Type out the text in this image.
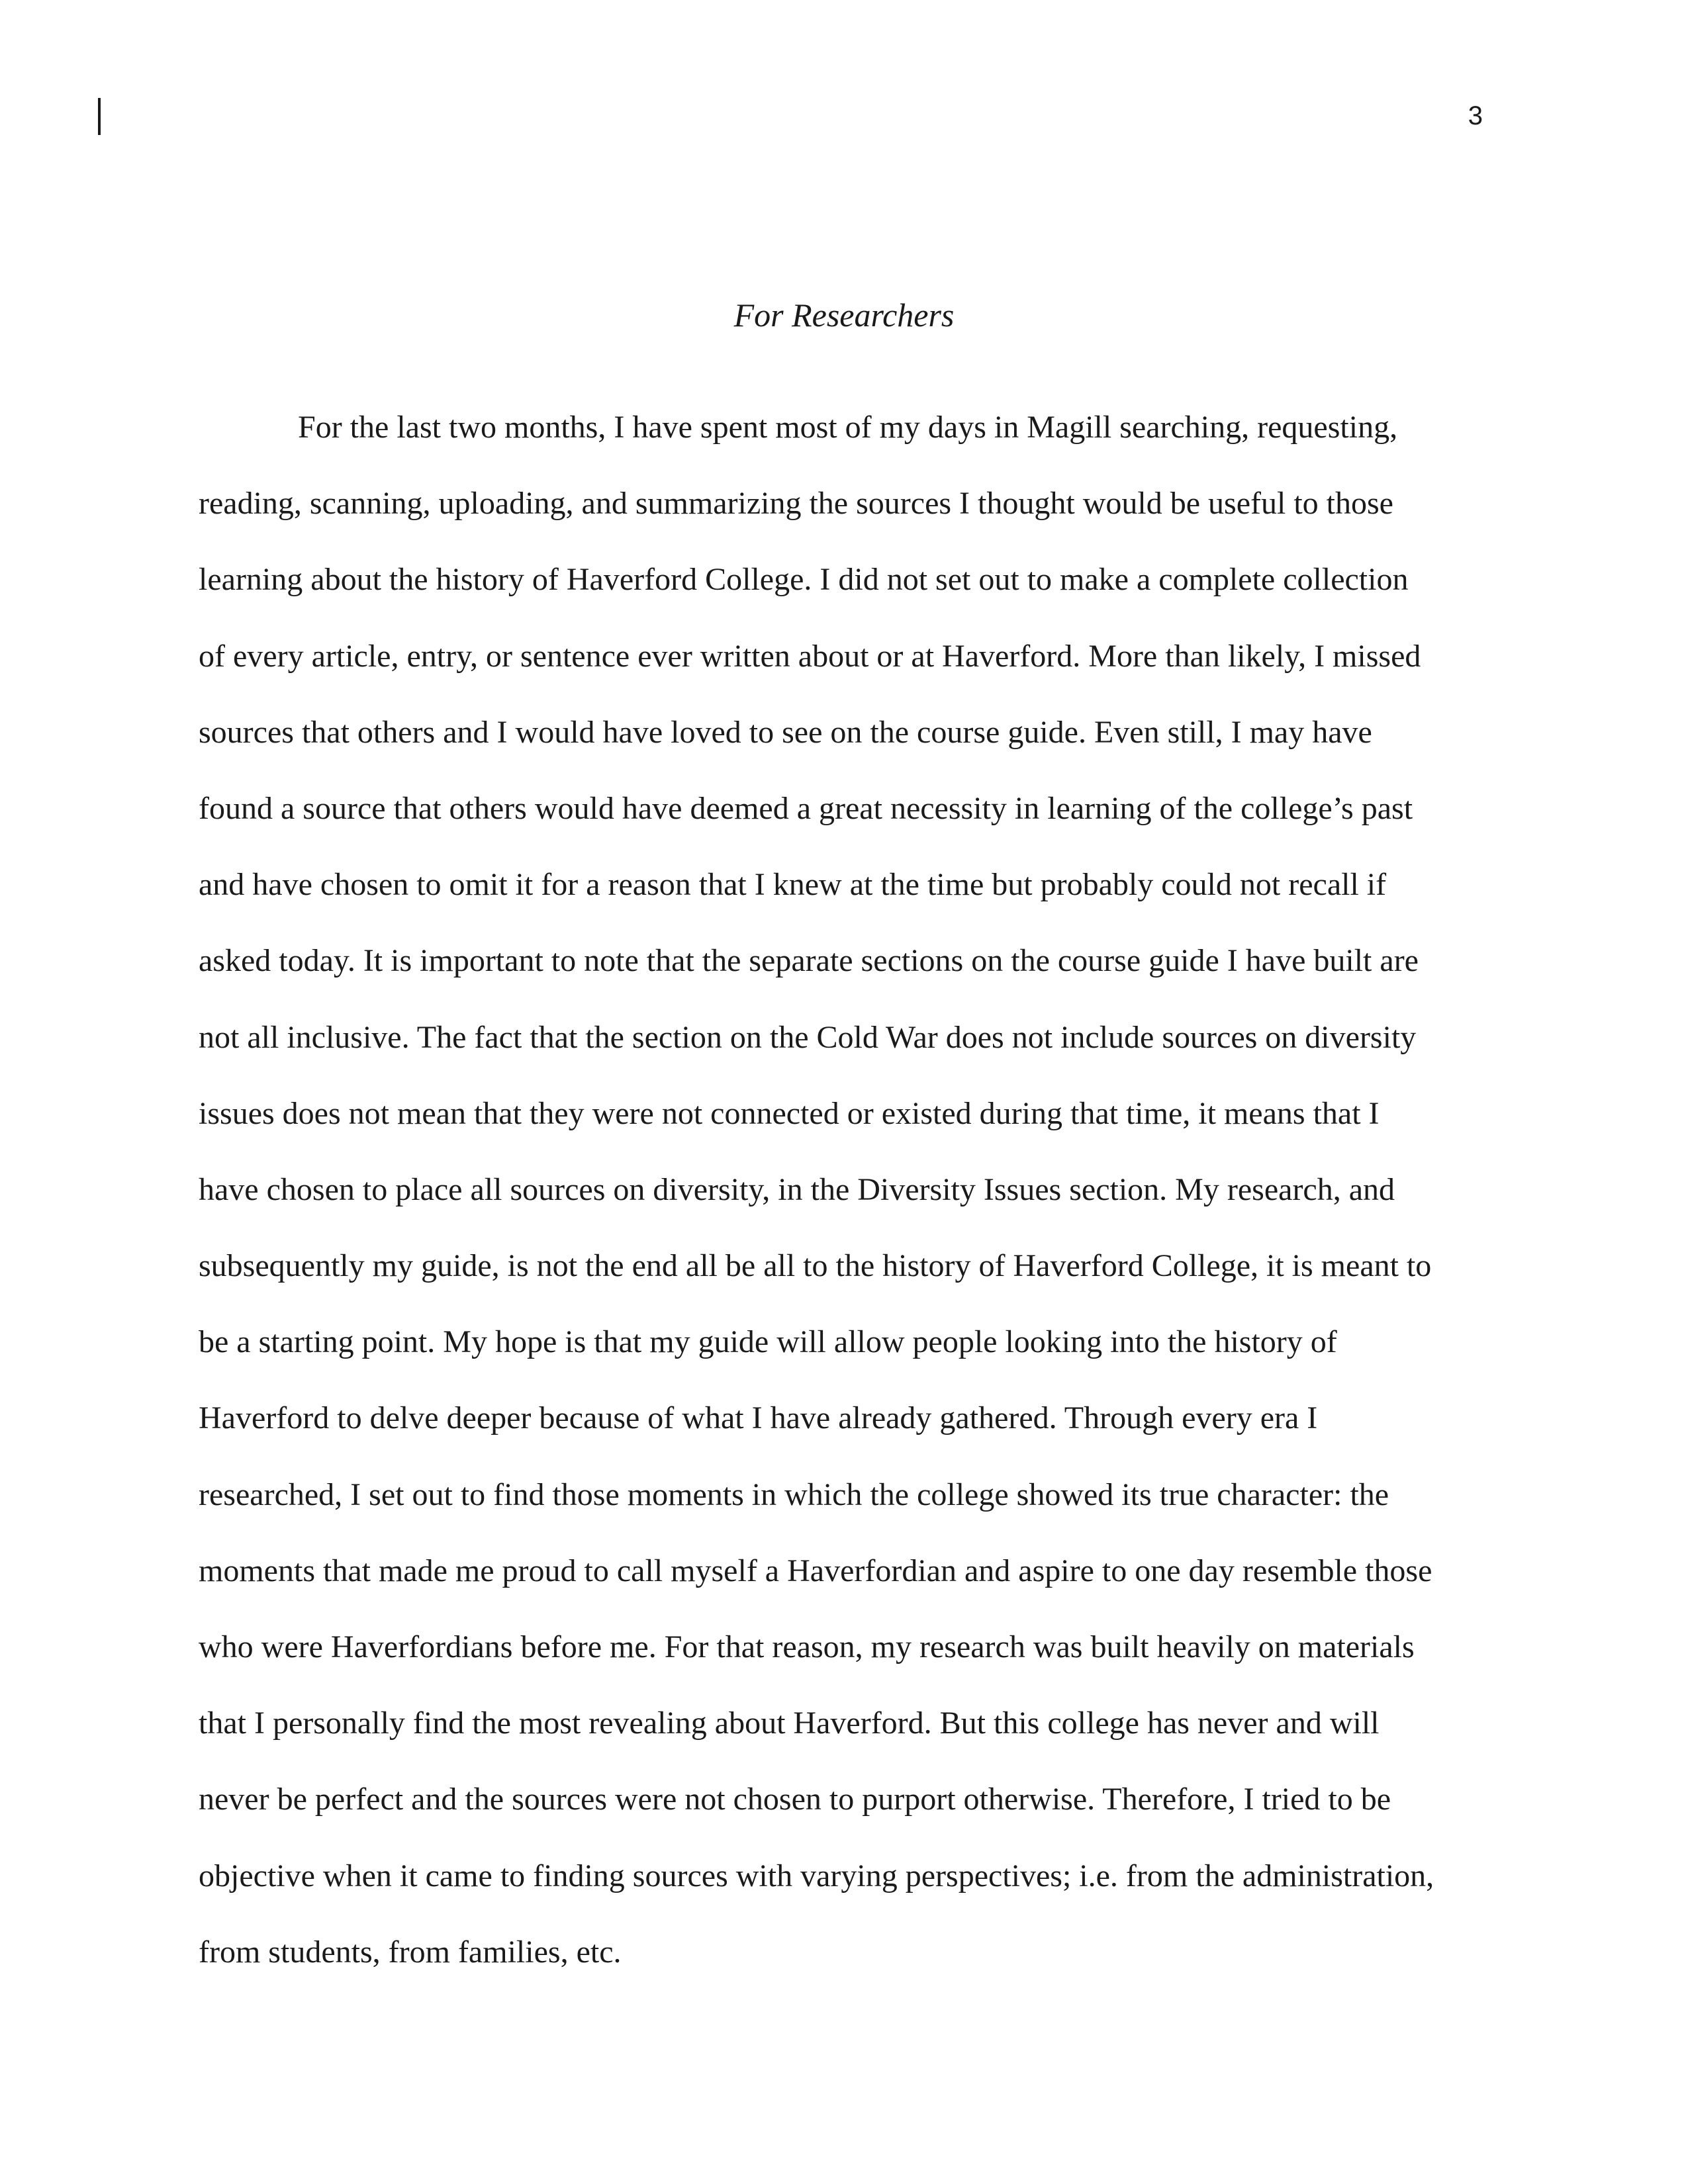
3
For Researchers

For the last two months, I have spent most of my days in Magill searching, requesting,
reading, scanning, uploading, and summarizing the sources I thought would be useful to those
learning about the history of Haverford College. I did not set out to make a complete collection
of every article, entry, or sentence ever written about or at Haverford. More than likely, I missed
sources that others and I would have loved to see on the course guide. Even still, I may have
found a source that others would have deemed a great necessity in learning of the college’s past
and have chosen to omit it for a reason that I knew at the time but probably could not recall if
asked today. It is important to note that the separate sections on the course guide I have built are
not all inclusive. The fact that the section on the Cold War does not include sources on diversity
issues does not mean that they were not connected or existed during that time, it means that I
have chosen to place all sources on diversity, in the Diversity Issues section. My research, and
subsequently my guide, is not the end all be all to the history of Haverford College, it is meant to
be a starting point. My hope is that my guide will allow people looking into the history of
Haverford to delve deeper because of what I have already gathered. Through every era I
researched, I set out to find those moments in which the college showed its true character: the
moments that made me proud to call myself a Haverfordian and aspire to one day resemble those
who were Haverfordians before me. For that reason, my research was built heavily on materials
that I personally find the most revealing about Haverford. But this college has never and will
never be perfect and the sources were not chosen to purport otherwise. Therefore, I tried to be
objective when it came to finding sources with varying perspectives; i.e. from the administration,
from students, from families, etc.
